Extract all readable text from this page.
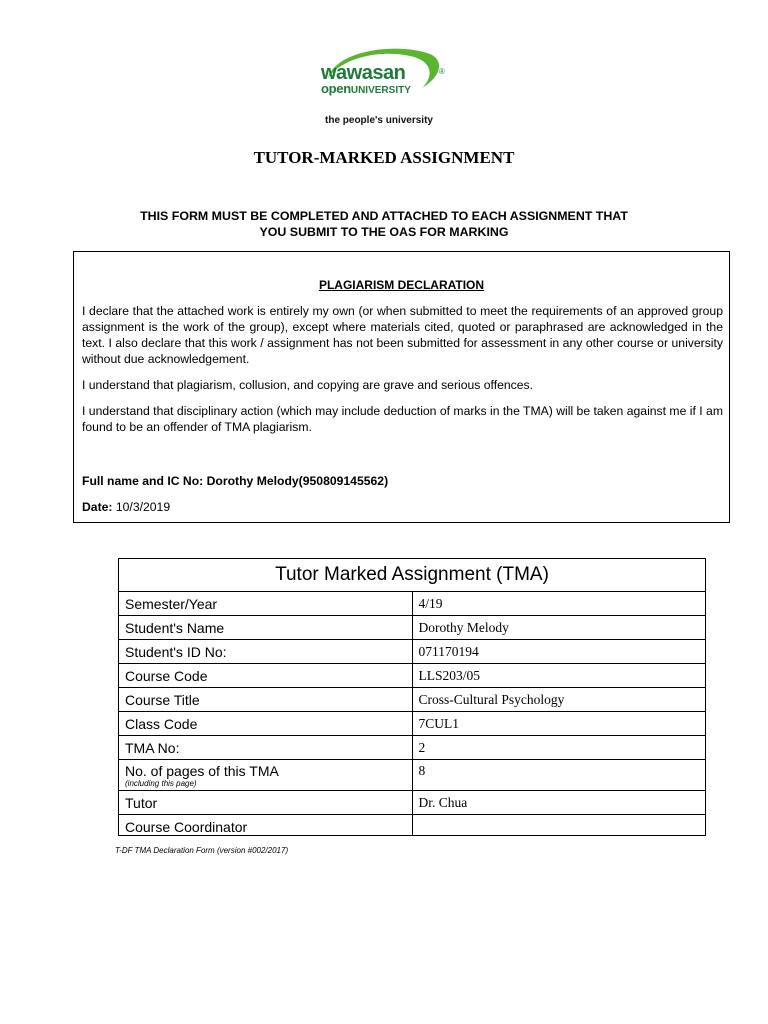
wawasan	®
openUNIVERSITY
the people's university
TUTOR-MARKED ASSIGNMENT
THIS FORM MUST BE COMPLETED AND ATTACHED TO EACH ASSIGNMENT THAT
YOU SUBMIT TO THE OAS FOR MARKING
PLAGIARISM DECLARATION

I declare that the attached work is entirely my own (or when submitted to meet the requirements of an approved group assignment is the work of the group), except where materials cited, quoted or paraphrased are acknowledged in the text. I also declare that this work / assignment has not been submitted for assessment in any other course or university without due acknowledgement.

I understand that plagiarism, collusion, and copying are grave and serious offences.

I understand that disciplinary action (which may include deduction of marks in the TMA) will be taken against me if I am found to be an offender of TMA plagiarism.

Full name and IC No: Dorothy Melody(950809145562)
Date: 10/3/2019
Tutor Marked Assignment (TMA)	
Semester/Year	4/19
Student's Name	Dorothy Melody
Student's ID No:	071170194
Course Code	LLS203/05
Course Title	Cross-Cultural Psychology
Class Code	7CUL1
TMA No:	2
No. of pages of this TMA
(including this page)	8
Tutor	Dr. Chua
Course Coordinator	
T-DF TMA Declaration Form (version #002/2017)
